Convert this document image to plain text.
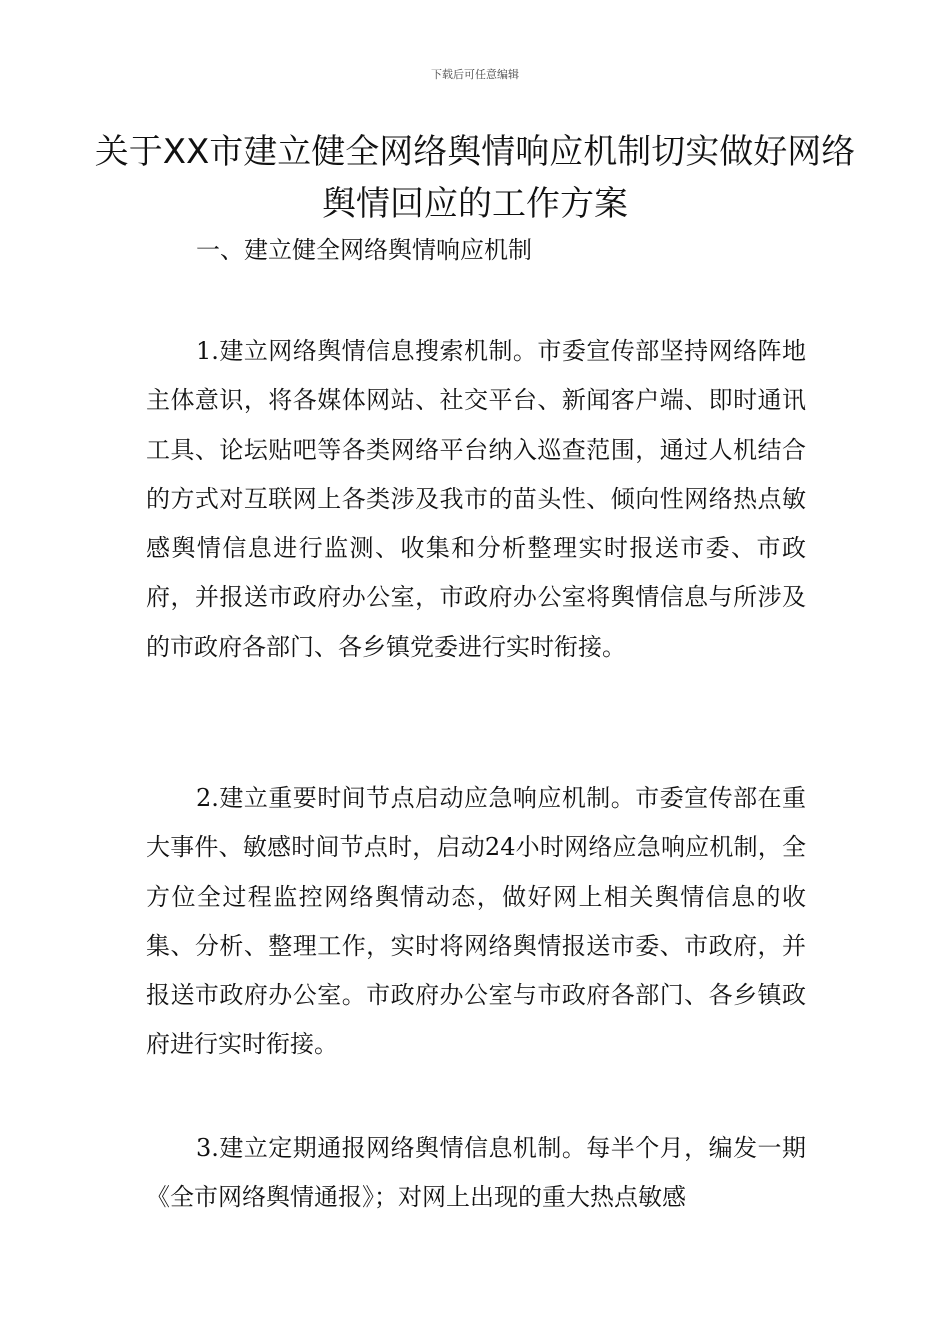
下载后可任意编辑
关于XX市建立健全网络舆情响应机制切实做好网络舆情回应的工作方案
一、建立健全网络舆情响应机制

1.建立网络舆情信息搜索机制。市委宣传部坚持网络阵地主体意识，将各媒体网站、社交平台、新闻客户端、即时通讯工具、论坛贴吧等各类网络平台纳入巡查范围，通过人机结合的方式对互联网上各类涉及我市的苗头性、倾向性网络热点敏感舆情信息进行监测、收集和分析整理实时报送市委、市政府，并报送市政府办公室，市政府办公室将舆情信息与所涉及的市政府各部门、各乡镇党委进行实时衔接。

2.建立重要时间节点启动应急响应机制。市委宣传部在重大事件、敏感时间节点时，启动24小时网络应急响应机制，全方位全过程监控网络舆情动态，做好网上相关舆情信息的收集、分析、整理工作，实时将网络舆情报送市委、市政府，并报送市政府办公室。市政府办公室与市政府各部门、各乡镇政府进行实时衔接。

3.建立定期通报网络舆情信息机制。每半个月，编发一期《全市网络舆情通报》；对网上出现的重大热点敏感
